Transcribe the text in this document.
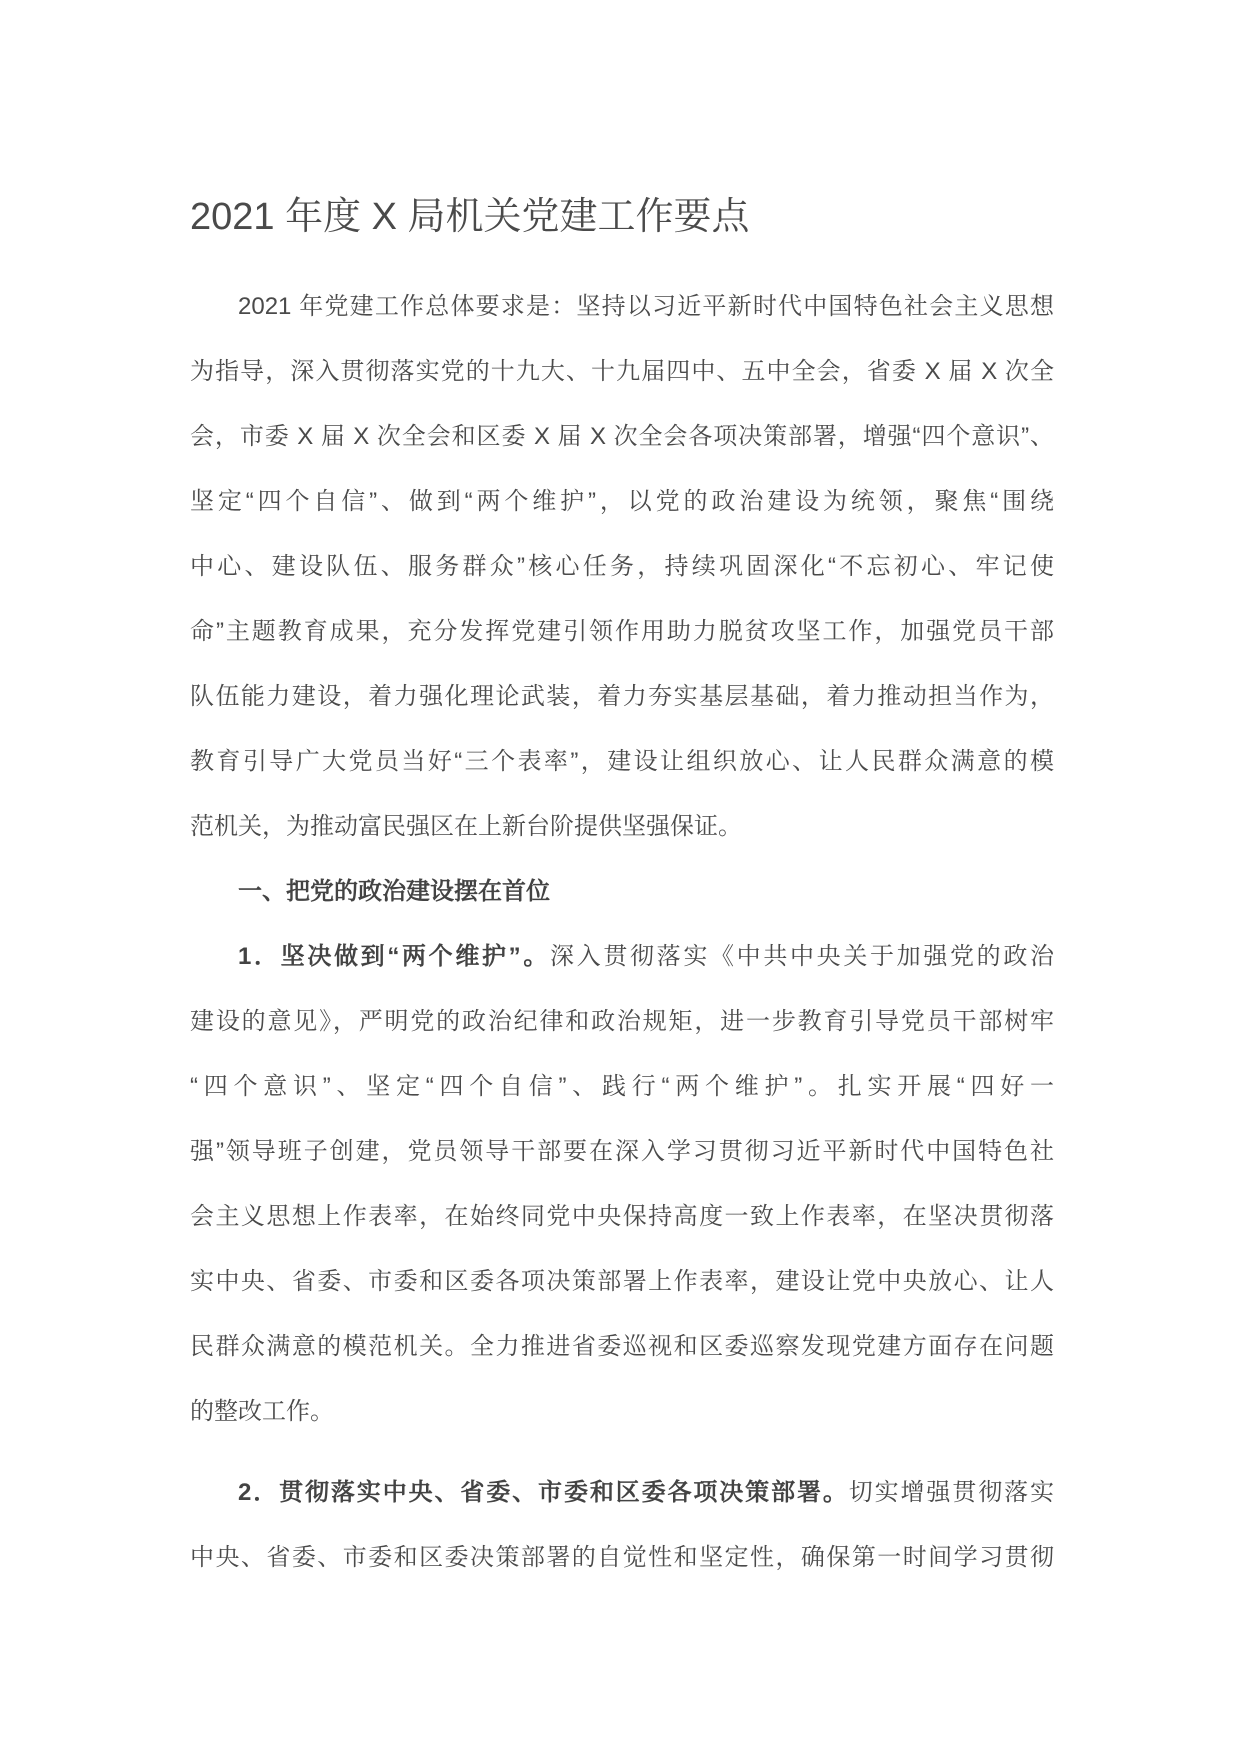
2021 年度 X 局机关党建工作要点
2021 年党建工作总体要求是：坚持以习近平新时代中国特色社会主义思想
为指导，深入贯彻落实党的十九大、十九届四中、五中全会，省委 X 届 X 次全
会，市委 X 届 X 次全会和区委 X 届 X 次全会各项决策部署，增强“四个意识”、
坚定“四个自信”、做到“两个维护”，以党的政治建设为统领，聚焦“围绕
中心、建设队伍、服务群众”核心任务，持续巩固深化“不忘初心、牢记使
命”主题教育成果，充分发挥党建引领作用助力脱贫攻坚工作，加强党员干部
队伍能力建设，着力强化理论武装，着力夯实基层基础，着力推动担当作为，
教育引导广大党员当好“三个表率”，建设让组织放心、让人民群众满意的模
范机关，为推动富民强区在上新台阶提供坚强保证。
一、把党的政治建设摆在首位
1．坚决做到“两个维护”。深入贯彻落实《中共中央关于加强党的政治
建设的意见》，严明党的政治纪律和政治规矩，进一步教育引导党员干部树牢
“四个意识”、坚定“四个自信”、践行“两个维护”。扎实开展“四好一
强”领导班子创建，党员领导干部要在深入学习贯彻习近平新时代中国特色社
会主义思想上作表率，在始终同党中央保持高度一致上作表率，在坚决贯彻落
实中央、省委、市委和区委各项决策部署上作表率，建设让党中央放心、让人
民群众满意的模范机关。全力推进省委巡视和区委巡察发现党建方面存在问题
的整改工作。
2．贯彻落实中央、省委、市委和区委各项决策部署。切实增强贯彻落实
中央、省委、市委和区委决策部署的自觉性和坚定性，确保第一时间学习贯彻
